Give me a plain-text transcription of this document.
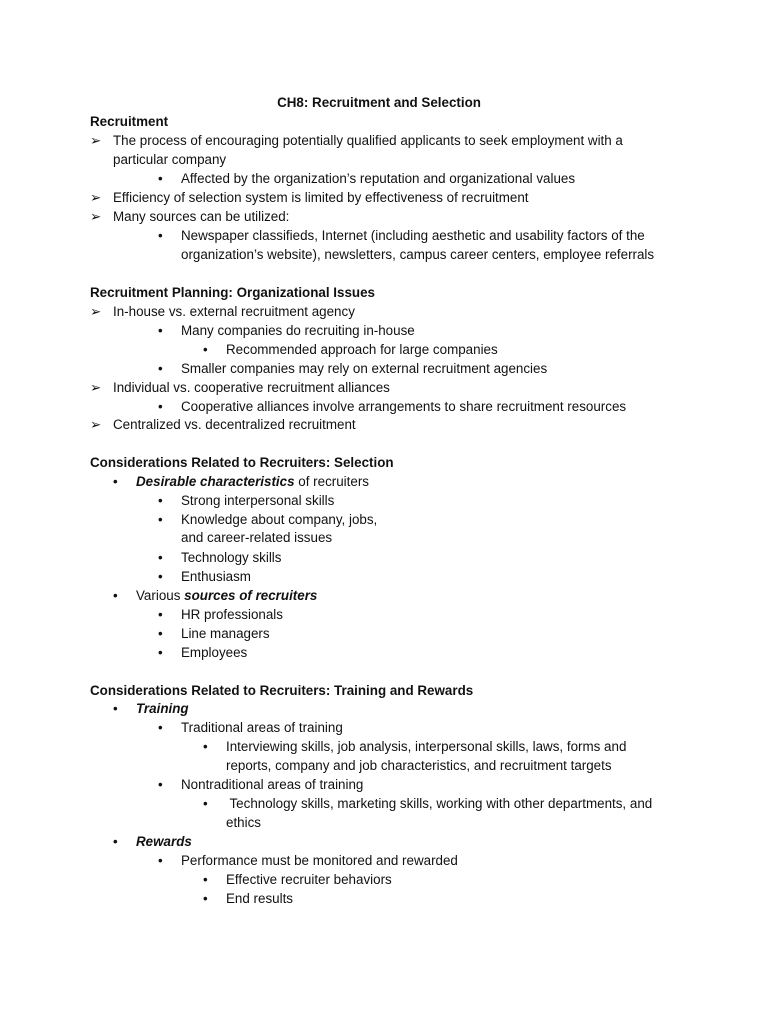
CH8: Recruitment and Selection
Recruitment
➢ The process of encouraging potentially qualified applicants to seek employment with a
particular company
•	Affected by the organization’s reputation and organizational values
➢ Efficiency of selection system is limited by effectiveness of recruitment
➢ Many sources can be utilized:
•	Newspaper classifieds, Internet (including aesthetic and usability factors of the
organization’s website), newsletters, campus career centers, employee referrals
Recruitment Planning: Organizational Issues
➢ In-house vs. external recruitment agency
•	Many companies do recruiting in-house
•	Recommended approach for large companies
•	Smaller companies may rely on external recruitment agencies
➢ Individual vs. cooperative recruitment alliances
•	Cooperative alliances involve arrangements to share recruitment resources
➢ Centralized vs. decentralized recruitment
Considerations Related to Recruiters: Selection
•	Desirable characteristics of recruiters
•	Strong interpersonal skills
•	Knowledge about company, jobs,
and career-related issues
•	Technology skills
•	Enthusiasm
•	Various sources of recruiters
•	HR professionals
•	Line managers
•	Employees
Considerations Related to Recruiters: Training and Rewards
•	Training
•	Traditional areas of training
•	Interviewing skills, job analysis, interpersonal skills, laws, forms and
reports, company and job characteristics, and recruitment targets
•	Nontraditional areas of training
•	Technology skills, marketing skills, working with other departments, and
ethics
•	Rewards
•	Performance must be monitored and rewarded
•	Effective recruiter behaviors
•	End results
